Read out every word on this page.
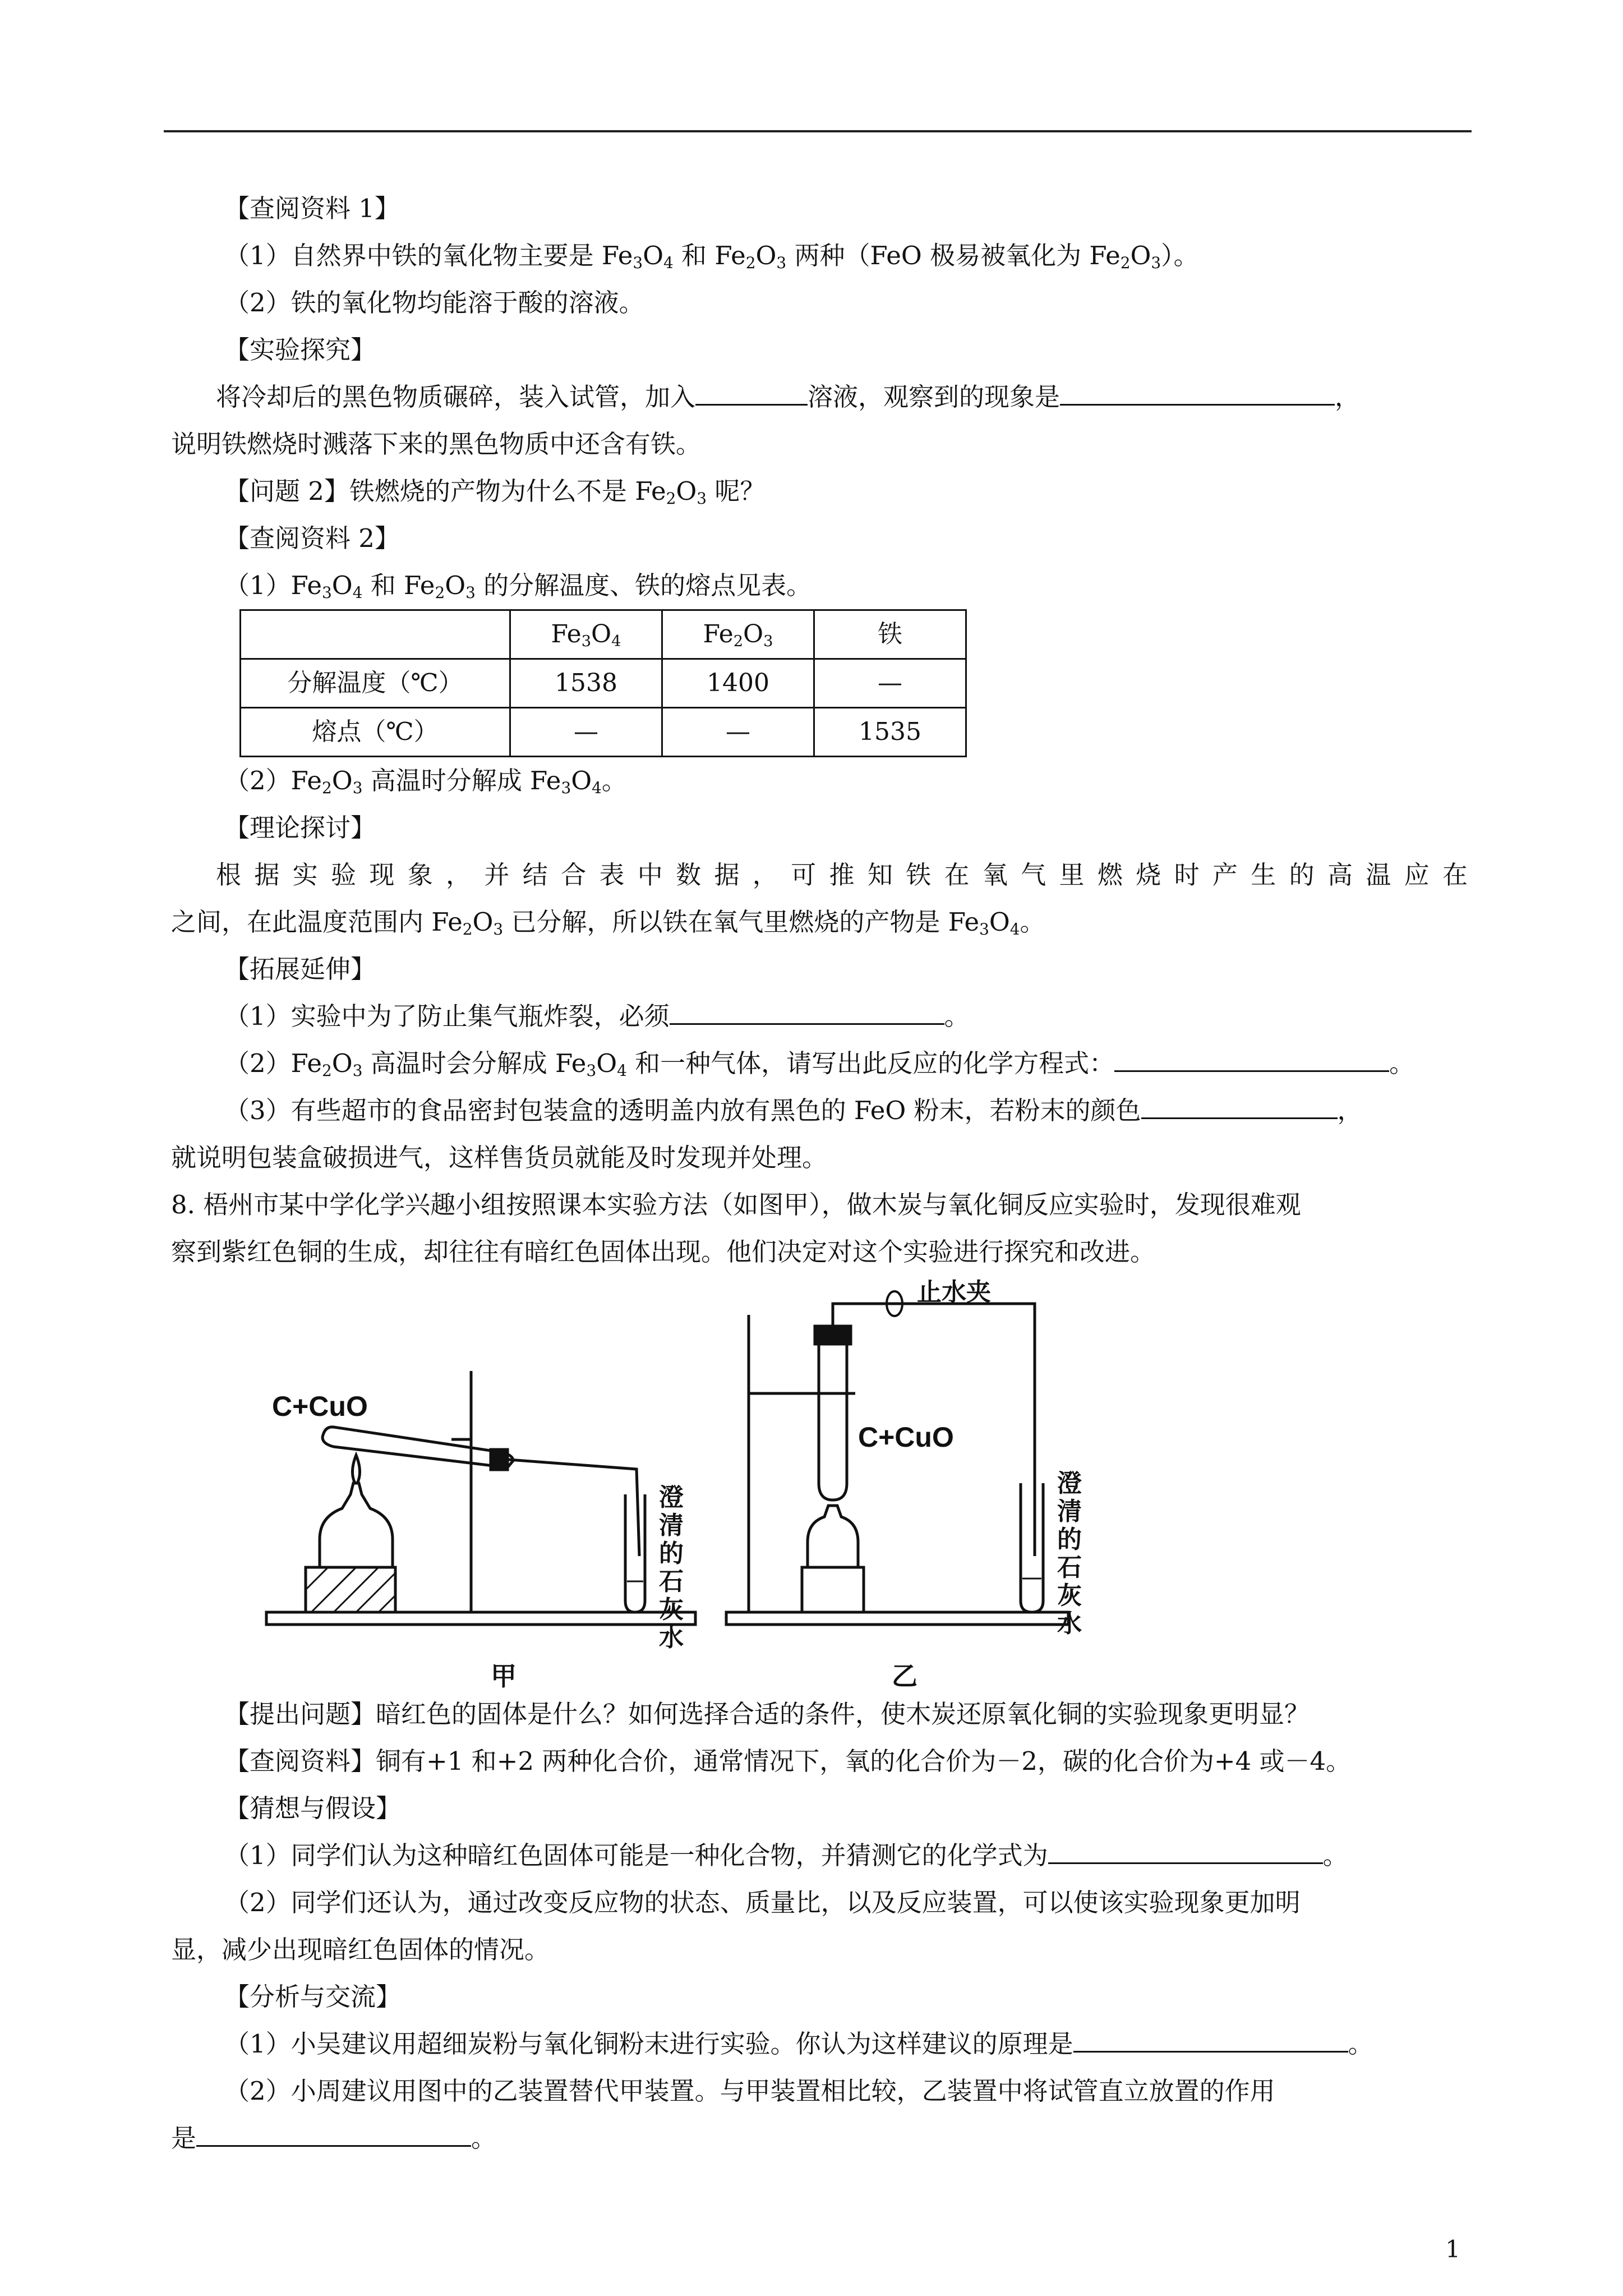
【查阅资料 1】
（1）自然界中铁的氧化物主要是 $Fe_3O_4$ 和 $Fe_2O_3$ 两种（FeO 极易被氧化为 $Fe_2O_3$）。
（2）铁的氧化物均能溶于酸的溶液。
【实验探究】
将冷却后的黑色物质碾碎，装入试管，加入	溶液，观察到的现象是	，
说明铁燃烧时溅落下来的黑色物质中还含有铁。
【问题 2】铁燃烧的产物为什么不是 $Fe_2O_3$ 呢？
【查阅资料 2】
$(1)Fe_3O_4$ 和 $Fe_2O_3$ 的分解温度、铁的熔点见表。
	$Fe_3O_4$	$Fe_2O_3$	铁
分解温度（℃）	1538	1400	—
熔点（℃）	—	—	1535
$(2)Fe_2O_3$ 高温时分解成 $Fe_3O_4$。
【理论探讨】
根据实验现象，并结合表中数据，可推知铁在氧气里燃烧时产生的高温应在
之间，在此温度范围内 $Fe_2O_3$ 已分解，所以铁在氧气里燃烧的产物是 $Fe_3O_4$。
【拓展延伸】
（1）实验中为了防止集气瓶炸裂，必须	。
$(2)Fe_2O_3$ 高温时会分解成 $Fe_3O_4$ 和一种气体，请写出此反应的化学方程式：	。
（3）有些超市的食品密封包装盒的透明盖内放有黑色的 FeO 粉末，若粉末的颜色	，
就说明包装盒破损进气，这样售货员就能及时发现并处理。
8. 梧州市某中学化学兴趣小组按照课本实验方法（如图甲），做木炭与氧化铜反应实验时，发现很难观
察到紫红色铜的生成，却往往有暗红色固体出现。他们决定对这个实验进行探究和改进。
C+CuO
澄
清
的
石
灰
水
甲
止水夹
C+CuO
澄
清
的
石
灰
水
乙
【提出问题】暗红色的固体是什么？如何选择合适的条件，使木炭还原氧化铜的实验现象更明显？
【查阅资料】铜有+1 和+2 两种化合价，通常情况下，氧的化合价为－2，碳的化合价为+4 或－4。
【猜想与假设】
（1）同学们认为这种暗红色固体可能是一种化合物，并猜测它的化学式为	。
（2）同学们还认为，通过改变反应物的状态、质量比，以及反应装置，可以使该实验现象更加明
显，减少出现暗红色固体的情况。
【分析与交流】
（1）小吴建议用超细炭粉与氧化铜粉末进行实验。你认为这样建议的原理是	。
（2）小周建议用图中的乙装置替代甲装置。与甲装置相比较，乙装置中将试管直立放置的作用
是	。
1
